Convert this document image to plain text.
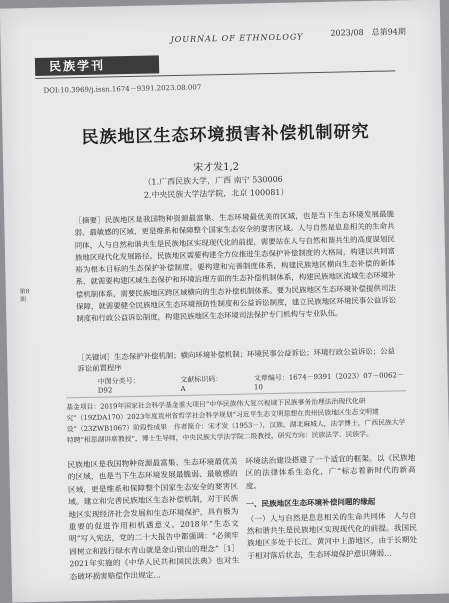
2023/08　总第94期
JOURNAL OF ETHNOLOGY
民族学刊
DOI:10.3969/j.issn.1674－9391.2023.08.007
民族地区生态环境损害补偿机制研究
宋才发1,2
（1.广西民族大学，广西 南宁 530006
2.中央民族大学法学院，北京 100081）
［摘要］民族地区是我国物种资源最富集、生态环境最优美的区域，也是当下生态环境发展最脆弱、最敏感的区域，更是维系和保障整个国家生态安全的要害区域。人与自然是息息相关的生命共同体，人与自然和谐共生是民族地区实现现代化的前提，需要站在人与自然和谐共生的高度谋划民族地区现代化发展路径。民族地区需要构建全方位推进生态保护补偿制度的大格局，构建以共同富裕为根本目标的生态保护补偿制度。要构建和完善制度体系，构建民族地区横向生态补偿的新体系，就需要构建区域生态保护和环境治理方面的生态补偿机制体系，构建民族地区流域生态环境补偿机制体系，需要民族地区跨区域横向的生态补偿机制体系。要为民族地区生态环境补偿提供司法保障，就需要健全民族地区生态环境预防性制度和公益诉讼制度，建立民族地区环境民事公益诉讼制度和行政公益诉讼制度，构建民族地区生态环境司法保护专门机构与专业队伍。
［关键词］生态保护补偿机制；横向环境补偿机制；环境民事公益诉讼；环境行政公益诉讼；公益诉讼前置程序
中图分类号：D92
文献标识码：A
文章编号：1674－9391（2023）07－0062－10
基金项目：2019年国家社会科学基金重大项目“中华民族伟大复兴视域下民族事务治理法治现代化研究”（19ZDA170）2023年度贵州省哲学社会科学规划“习近平生态文明思想在贵州民族地区生态文明建设”（23ZWB1067）阶段性成果　作者简介：宋才发（1953－），汉族，湖北麻城人，法学博士，广西民族大学特聘“相思湖讲席教授”，博士生导师，中央民族大学法学院二级教授，研究方向：民族法学、民族学。
第8期
民族地区是我国物种资源最富集、生态环境最优美的区域，也是当下生态环境发展最脆弱、最敏感的区域，更是维系和保障整个国家生态安全的要害区域。建立和完善民族地区生态补偿机制，对于民族地区实现经济社会发展和生态环境保护，具有极为重要的促进作用和机遇意义。2018年“生态文明”写入宪法，党的二十大报告中都强调：“必须牢固树立和践行绿水青山就是金山银山的理念”［1］2021年实施的《中华人民共和国民法典》也对生态破坏损害赔偿作出规定…
环境法治建设搭建了一个适宜的框架。以《民族地区的法律体系生态化，广“标志着新时代的新高度。
一、民族地区生态环境补偿问题的缘起
（一）人与自然是息息相关的生命共同体　人与自然和谐共生是民族地区实现现代化的前提。我国民族地区多处于长江、黄河中上游地区，由于长期处于相对落后状态，生态环境保护意识薄弱…
